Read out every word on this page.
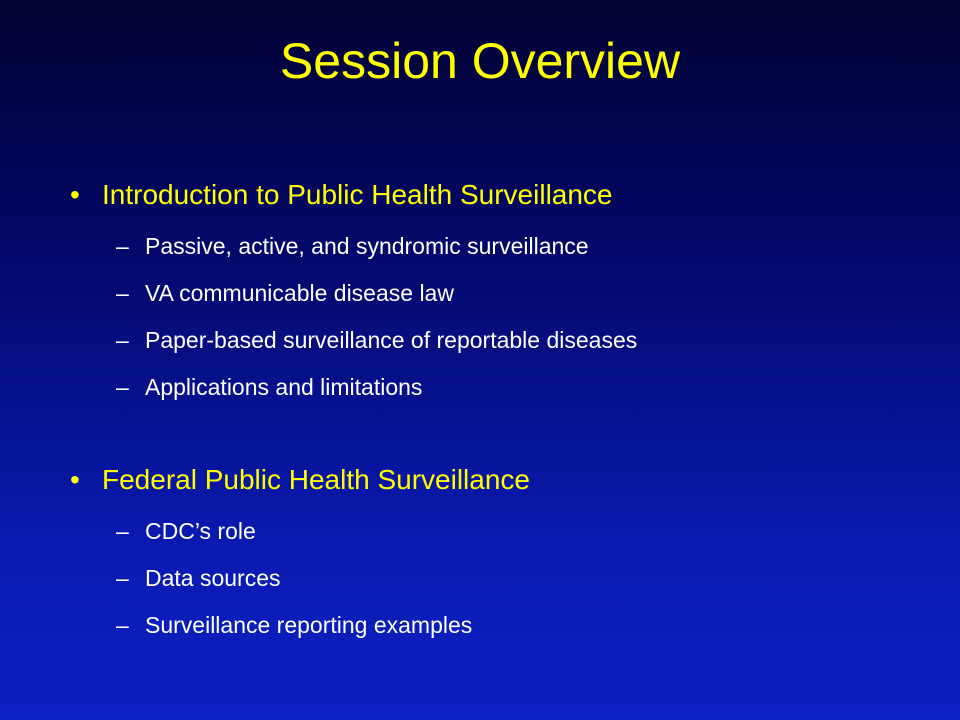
Session Overview
• Introduction to Public Health Surveillance
– Passive, active, and syndromic surveillance
– VA communicable disease law
– Paper-based surveillance of reportable diseases
– Applications and limitations
• Federal Public Health Surveillance
– CDC’s role
– Data sources
– Surveillance reporting examples
